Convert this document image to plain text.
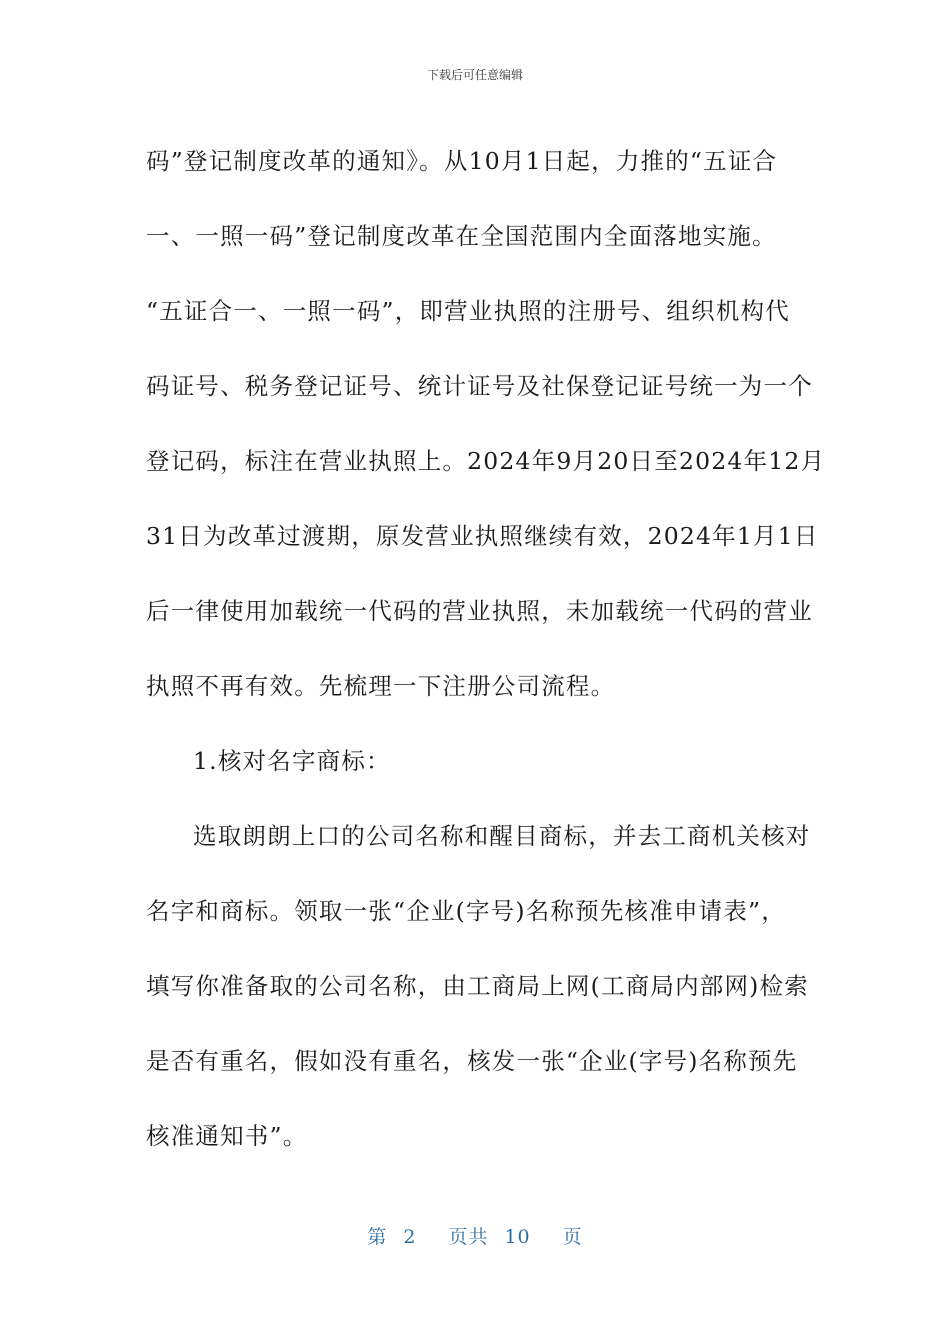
下载后可任意编辑
码”登记制度改革的通知》。从10月1日起，力推的“五证合
一、一照一码”登记制度改革在全国范围内全面落地实施。
“五证合一、一照一码”，即营业执照的注册号、组织机构代
码证号、税务登记证号、统计证号及社保登记证号统一为一个
登记码，标注在营业执照上。2024年9月20日至2024年12月
31日为改革过渡期，原发营业执照继续有效，2024年1月1日
后一律使用加载统一代码的营业执照，未加载统一代码的营业
执照不再有效。先梳理一下注册公司流程。
1.核对名字商标：
选取朗朗上口的公司名称和醒目商标，并去工商机关核对
名字和商标。领取一张“企业(字号)名称预先核准申请表”，
填写你准备取的公司名称，由工商局上网(工商局内部网)检索
是否有重名，假如没有重名，核发一张“企业(字号)名称预先
核准通知书”。
第 2 页共 10 页
